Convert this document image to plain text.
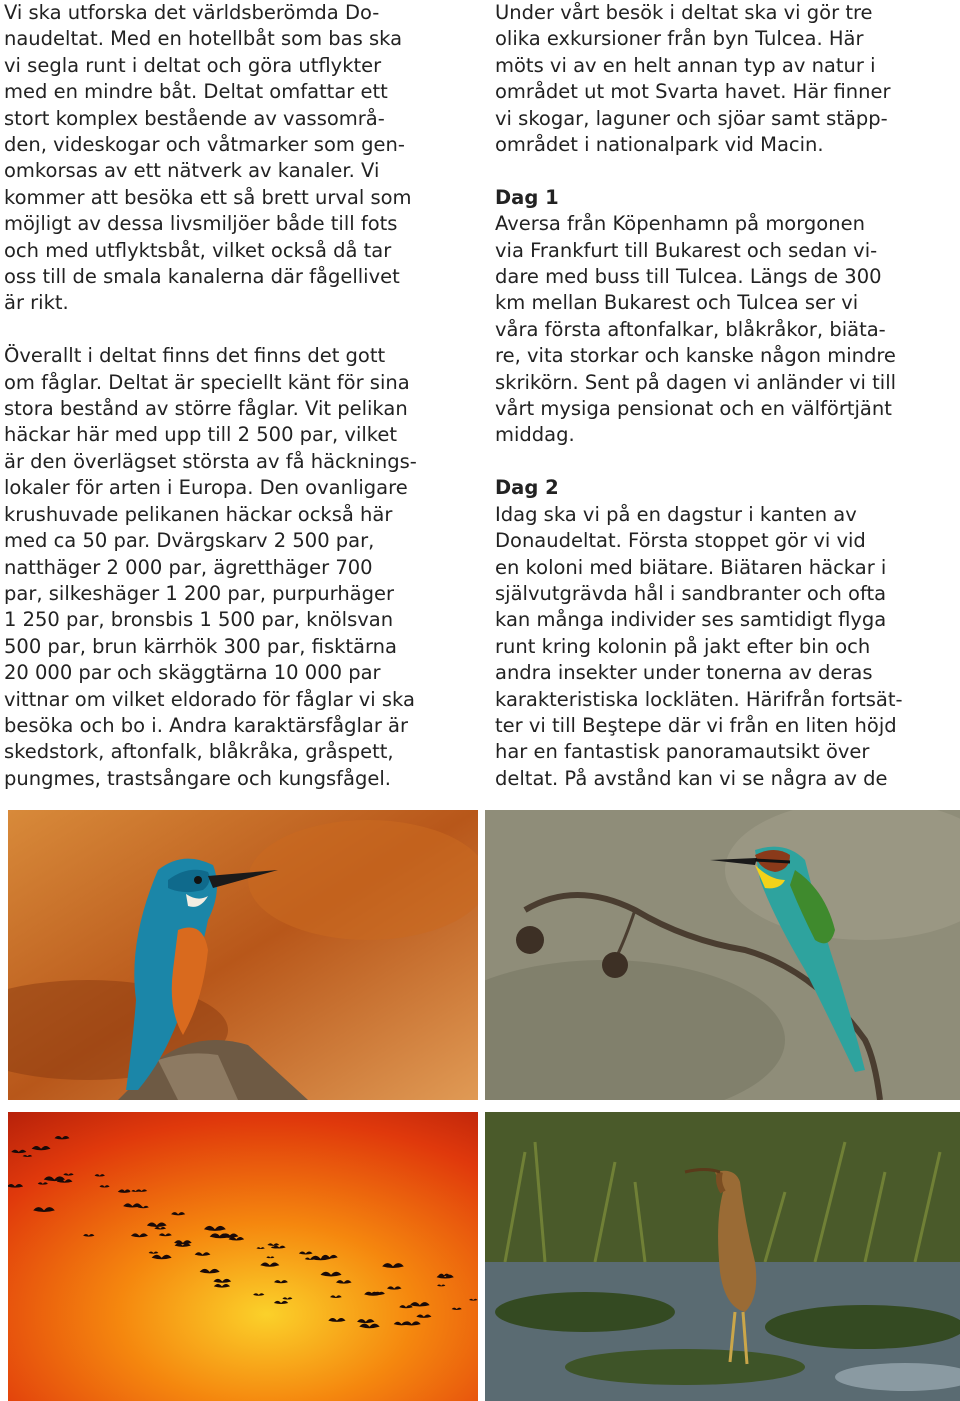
Vi ska utforska det världsberömda Do-
naudeltat. Med en hotellbåt som bas ska
vi segla runt i deltat och göra utflykter
med en mindre båt. Deltat omfattar ett
stort komplex bestående av vassområ-
den, videskogar och våtmarker som gen-
omkorsas av ett nätverk av kanaler. Vi
kommer att besöka ett så brett urval som
möjligt av dessa livsmiljöer både till fots
och med utflyktsbåt, vilket också då tar
oss till de smala kanalerna där fågellivet
är rikt.

Överallt i deltat finns det finns det gott
om fåglar. Deltat är speciellt känt för sina
stora bestånd av större fåglar. Vit pelikan
häckar här med upp till 2 500 par, vilket
är den överlägset största av få häcknings-
lokaler för arten i Europa. Den ovanligare
krushuvade pelikanen häckar också här
med ca 50 par. Dvärgskarv 2 500 par,
natthäger 2 000 par, ägretthäger 700
par, silkeshäger 1 200 par, purpurhäger
1 250 par, bronsbis 1 500 par, knölsvan
500 par, brun kärrhök 300 par, fisktärna
20 000 par och skäggtärna 10 000 par
vittnar om vilket eldorado för fåglar vi ska
besöka och bo i. Andra karaktärsfåglar är
skedstork, aftonfalk, blåkråka, gråspett,
pungmes, trastsångare och kungsfågel.

Under vårt besök i deltat ska vi gör tre
olika exkursioner från byn Tulcea. Här
möts vi av en helt annan typ av natur i
området ut mot Svarta havet. Här finner
vi skogar, laguner och sjöar samt stäpp-
området i nationalpark vid Macin.

Dag 1

Aversa från Köpenhamn på morgonen
via Frankfurt till Bukarest och sedan vi-
dare med buss till Tulcea. Längs de 300
km mellan Bukarest och Tulcea ser vi
våra första aftonfalkar, blåkråkor, biäta-
re, vita storkar och kanske någon mindre
skrikörn. Sent på dagen vi anländer vi till
vårt mysiga pensionat och en välförtjänt
middag.

Dag 2

Idag ska vi på en dagstur i kanten av
Donaudeltat. Första stoppet gör vi vid
en koloni med biätare. Biätaren häckar i
självutgrävda hål i sandbranter och ofta
kan många individer ses samtidigt flyga
runt kring kolonin på jakt efter bin och
andra insekter under tonerna av deras
karakteristiska lockläten. Härifrån fortsät-
ter vi till Beştepe där vi från en liten höjd
har en fantastisk panoramautsikt över
deltat. På avstånd kan vi se några av de
